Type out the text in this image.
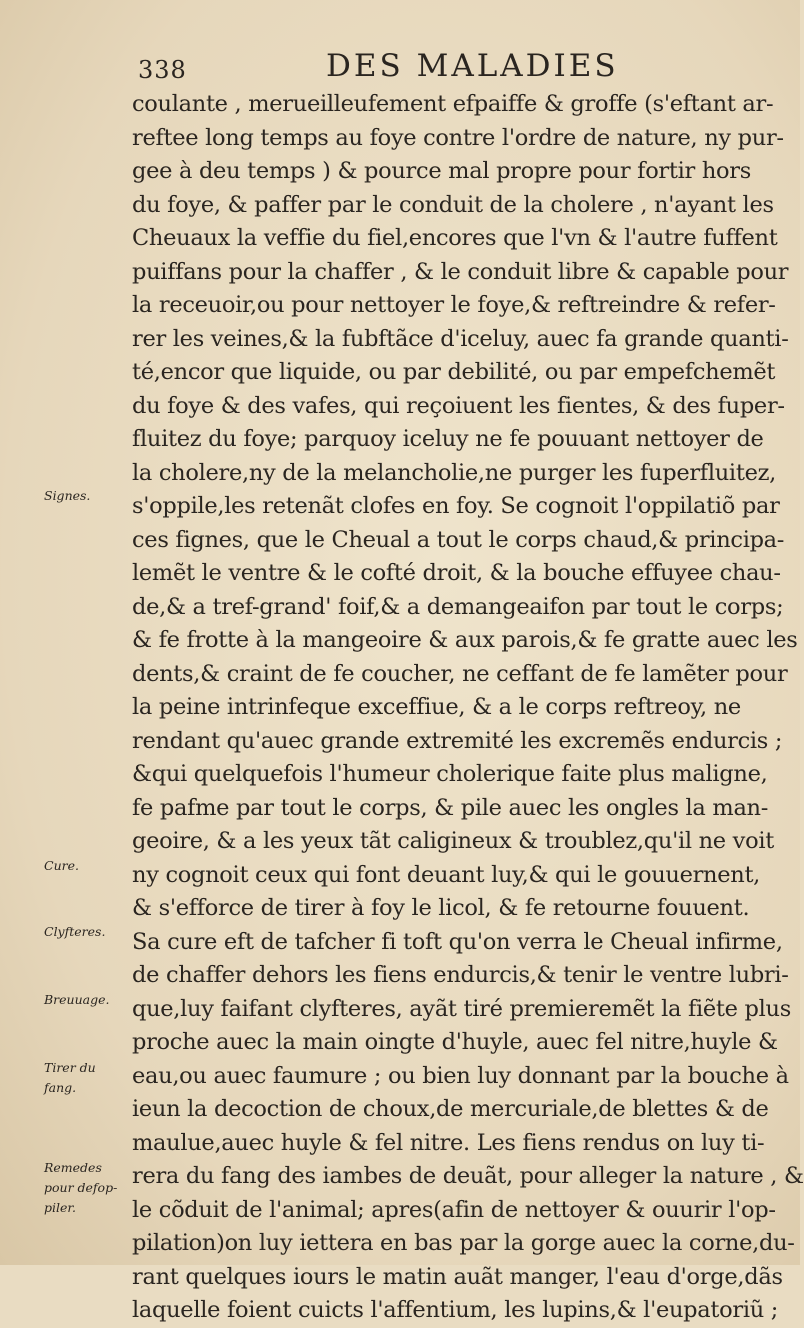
338	DES MALADIES
Signes.
Cure.
Clyfteres.
Breuuage.
Tirer du
fang.
Remedes
pour defop-
piler.
coulante , merueilleufement efpaiffe & groffe (s'eftant ar-
reftee long temps au foye contre l'ordre de nature, ny pur-
gee à deu temps ) & pource mal propre pour fortir hors
du foye, & paffer par le conduit de la cholere , n'ayant les
Cheuaux la veffie du fiel,encores que l'vn & l'autre fuffent
puiffans pour la chaffer , & le conduit libre & capable pour
la receuoir,ou pour nettoyer le foye,& reftreindre & refer-
rer les veines,& la fubftãce d'iceluy, auec fa grande quanti-
té,encor que liquide, ou par debilité, ou par empefchemẽt
du foye & des vafes, qui reçoiuent les fientes, & des fuper-
fluitez du foye; parquoy iceluy ne fe pouuant nettoyer de
la cholere,ny de la melancholie,ne purger les fuperfluitez,
s'oppile,les retenãt clofes en foy. Se cognoit l'oppilatiõ par
ces fignes, que le Cheual a tout le corps chaud,& principa-
lemẽt le ventre & le cofté droit, & la bouche effuyee chau-
de,& a tref-grand' foif,& a demangeaifon par tout le corps;
& fe frotte à la mangeoire & aux parois,& fe gratte auec les
dents,& craint de fe coucher, ne ceffant de fe lamẽter pour
la peine intrinfeque exceffiue, & a le corps reftreoy, ne
rendant qu'auec grande extremité les excremẽs endurcis ;
&qui quelquefois l'humeur cholerique faite plus maligne,
fe pafme par tout le corps, & pile auec les ongles la man-
geoire, & a les yeux tãt caligineux & troublez,qu'il ne voit
ny cognoit ceux qui font deuant luy,& qui le gouuernent,
& s'efforce de tirer à foy le licol, & fe retourne fouuent.
Sa cure eft de tafcher fi toft qu'on verra le Cheual infirme,
de chaffer dehors les fiens endurcis,& tenir le ventre lubri-
que,luy faifant clyfteres, ayãt tiré premieremẽt la fiẽte plus
proche auec la main oingte d'huyle, auec fel nitre,huyle &
eau,ou auec faumure ; ou bien luy donnant par la bouche à
ieun la decoction de choux,de mercuriale,de blettes & de
maulue,auec huyle & fel nitre. Les fiens rendus on luy ti-
rera du fang des iambes de deuãt, pour alleger la nature , &
le cõduit de l'animal; apres(afin de nettoyer & ouurir l'op-
pilation)on luy iettera en bas par la gorge auec la corne,du-
rant quelques iours le matin auãt manger, l'eau d'orge,dãs
laquelle foient cuicts l'affentium, les lupins,& l'eupatoriũ ;
